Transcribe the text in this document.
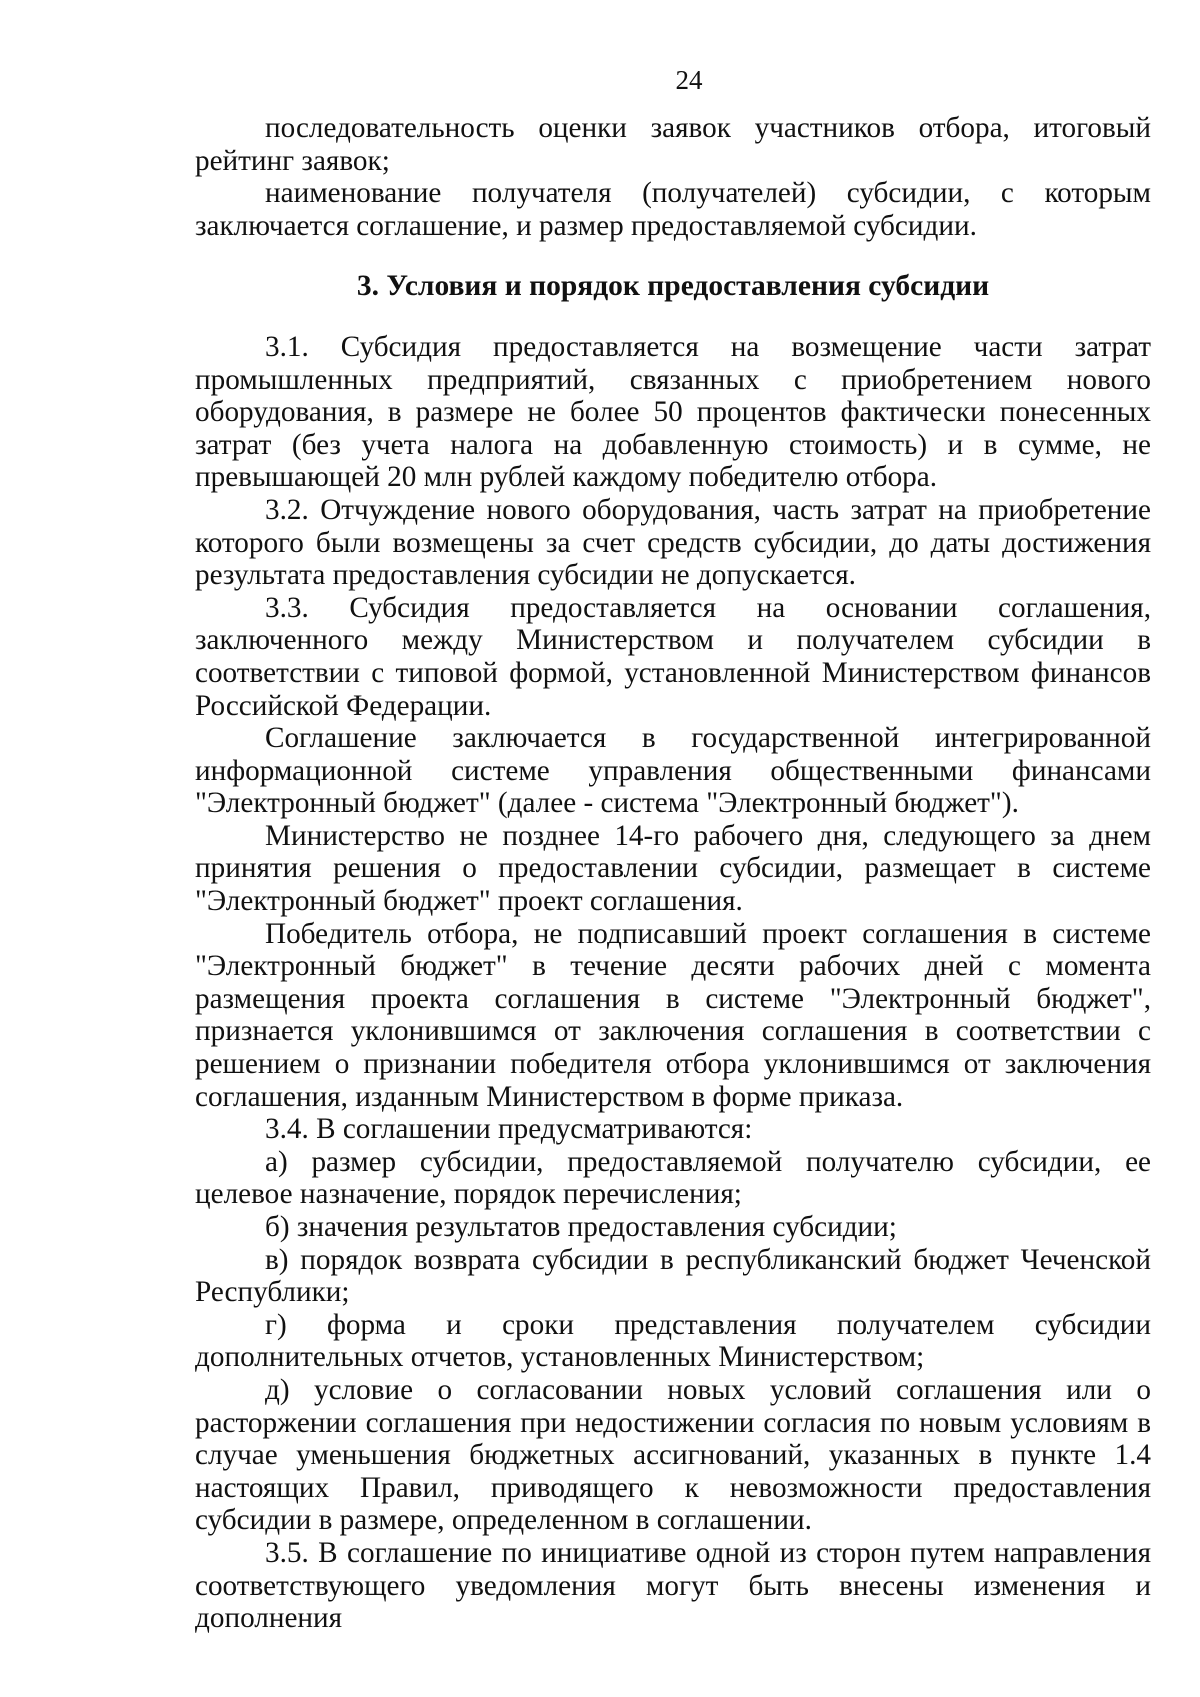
24

последовательность оценки заявок участников отбора, итоговый рейтинг заявок;

наименование получателя (получателей) субсидии, с которым заключается соглашение, и размер предоставляемой субсидии.

3. Условия и порядок предоставления субсидии

3.1. Субсидия предоставляется на возмещение части затрат промышленных предприятий, связанных с приобретением нового оборудования, в размере не более 50 процентов фактически понесенных затрат (без учета налога на добавленную стоимость) и в сумме, не превышающей 20 млн рублей каждому победителю отбора.

3.2. Отчуждение нового оборудования, часть затрат на приобретение которого были возмещены за счет средств субсидии, до даты достижения результата предоставления субсидии не допускается.

3.3. Субсидия предоставляется на основании соглашения, заключенного между Министерством и получателем субсидии в соответствии с типовой формой, установленной Министерством финансов Российской Федерации.

Соглашение заключается в государственной интегрированной информационной системе управления общественными финансами "Электронный бюджет" (далее - система "Электронный бюджет").

Министерство не позднее 14-го рабочего дня, следующего за днем принятия решения о предоставлении субсидии, размещает в системе "Электронный бюджет" проект соглашения.

Победитель отбора, не подписавший проект соглашения в системе "Электронный бюджет" в течение десяти рабочих дней с момента размещения проекта соглашения в системе "Электронный бюджет", признается уклонившимся от заключения соглашения в соответствии с решением о признании победителя отбора уклонившимся от заключения соглашения, изданным Министерством в форме приказа.

3.4. В соглашении предусматриваются:

а) размер субсидии, предоставляемой получателю субсидии, ее целевое назначение, порядок перечисления;

б) значения результатов предоставления субсидии;

в) порядок возврата субсидии в республиканский бюджет Чеченской Республики;

г) форма и сроки представления получателем субсидии дополнительных отчетов, установленных Министерством;

д) условие о согласовании новых условий соглашения или о расторжении соглашения при недостижении согласия по новым условиям в случае уменьшения бюджетных ассигнований, указанных в пункте 1.4 настоящих Правил, приводящего к невозможности предоставления субсидии в размере, определенном в соглашении.

3.5. В соглашение по инициативе одной из сторон путем направления соответствующего уведомления могут быть внесены изменения и дополнения
